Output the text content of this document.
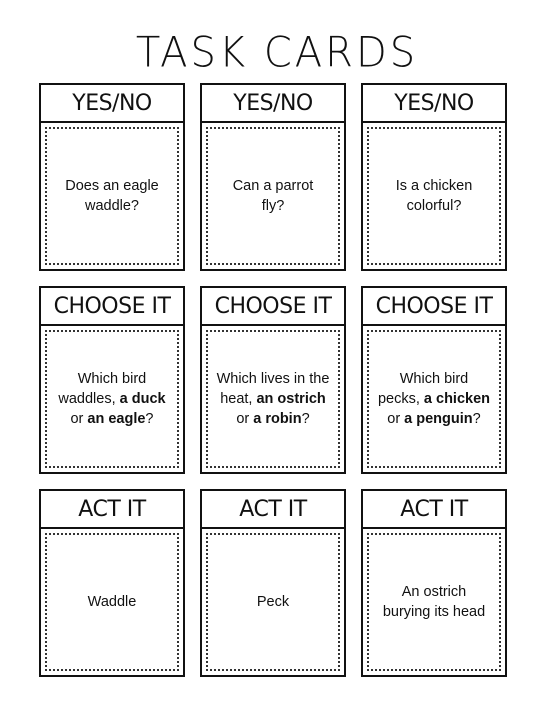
TASK CARDS
YES/NO
Does an eagle
waddle?
YES/NO
Can a parrot
fly?
YES/NO
Is a chicken
colorful?
CHOOSE IT
Which bird
waddles, a duck
or an eagle?
CHOOSE IT
Which lives in the
heat, an ostrich
or a robin?
CHOOSE IT
Which bird
pecks, a chicken
or a penguin?
ACT IT
Waddle
ACT IT
Peck
ACT IT
An ostrich
burying its head
